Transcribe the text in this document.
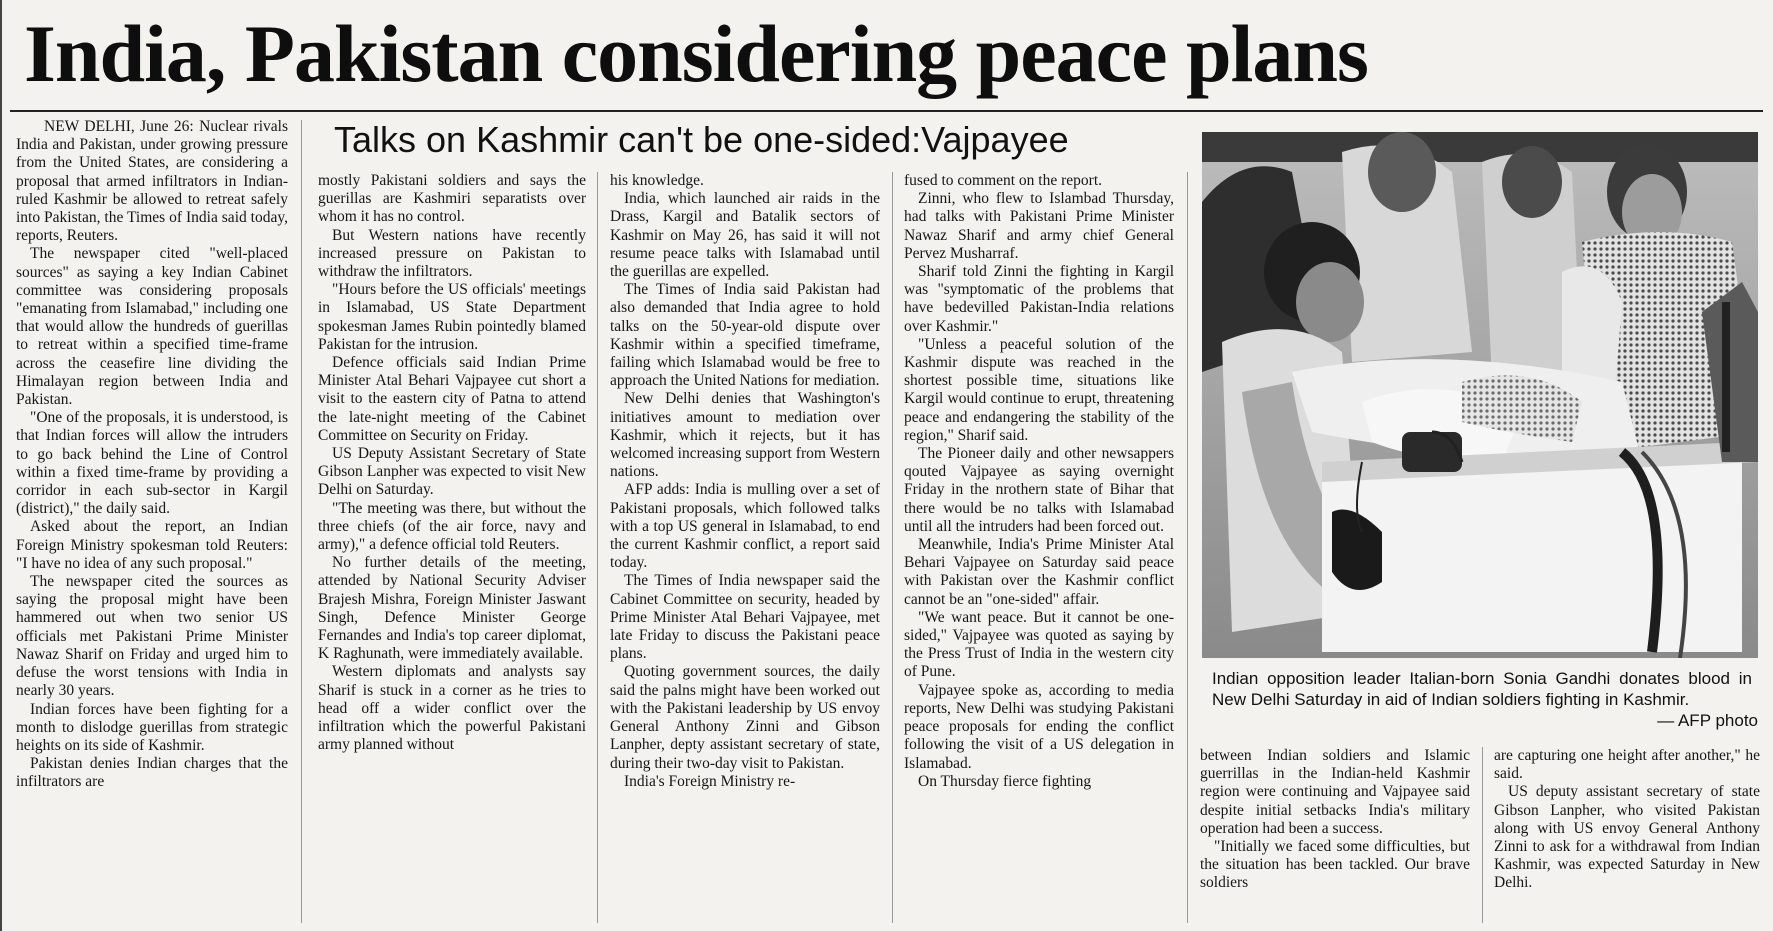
India, Pakistan considering peace plans
Talks on Kashmir can't be one-sided:Vajpayee

NEW DELHI, June 26: Nuclear rivals India and Pakistan, under growing pressure from the United States, are considering a proposal that armed infiltrators in Indian-ruled Kashmir be allowed to retreat safely into Pakistan, the Times of India said today, reports, Reuters.

The newspaper cited "well-placed sources" as saying a key Indian Cabinet committee was considering proposals "emanating from Islamabad," including one that would allow the hundreds of guerillas to retreat within a specified time-frame across the ceasefire line dividing the Himalayan region between India and Pakistan.

"One of the proposals, it is understood, is that Indian forces will allow the intruders to go back behind the Line of Control within a fixed time-frame by providing a corridor in each sub-sector in Kargil (district)," the daily said.

Asked about the report, an Indian Foreign Ministry spokesman told Reuters: "I have no idea of any such proposal."

The newspaper cited the sources as saying the proposal might have been hammered out when two senior US officials met Pakistani Prime Minister Nawaz Sharif on Friday and urged him to defuse the worst tensions with India in nearly 30 years.

Indian forces have been fighting for a month to dislodge guerillas from strategic heights on its side of Kashmir.

Pakistan denies Indian charges that the infiltrators are

mostly Pakistani soldiers and says the guerillas are Kashmiri separatists over whom it has no control.

But Western nations have recently increased pressure on Pakistan to withdraw the infiltrators.

"Hours before the US officials' meetings in Islamabad, US State Department spokesman James Rubin pointedly blamed Pakistan for the intrusion.

Defence officials said Indian Prime Minister Atal Behari Vajpayee cut short a visit to the eastern city of Patna to attend the late-night meeting of the Cabinet Committee on Security on Friday.

US Deputy Assistant Secretary of State Gibson Lanpher was expected to visit New Delhi on Saturday.

"The meeting was there, but without the three chiefs (of the air force, navy and army)," a defence official told Reuters.

No further details of the meeting, attended by National Security Adviser Brajesh Mishra, Foreign Minister Jaswant Singh, Defence Minister George Fernandes and India's top career diplomat, K Raghunath, were immediately available.

Western diplomats and analysts say Sharif is stuck in a corner as he tries to head off a wider conflict over the infiltration which the powerful Pakistani army planned without

his knowledge.

India, which launched air raids in the Drass, Kargil and Batalik sectors of Kashmir on May 26, has said it will not resume peace talks with Islamabad until the guerillas are expelled.

The Times of India said Pakistan had also demanded that India agree to hold talks on the 50-year-old dispute over Kashmir within a specified timeframe, failing which Islamabad would be free to approach the United Nations for mediation.

New Delhi denies that Washington's initiatives amount to mediation over Kashmir, which it rejects, but it has welcomed increasing support from Western nations.

AFP adds: India is mulling over a set of Pakistani proposals, which followed talks with a top US general in Islamabad, to end the current Kashmir conflict, a report said today.

The Times of India newspaper said the Cabinet Committee on security, headed by Prime Minister Atal Behari Vajpayee, met late Friday to discuss the Pakistani peace plans.

Quoting government sources, the daily said the palns might have been worked out with the Pakistani leadership by US envoy General Anthony Zinni and Gibson Lanpher, depty assistant secretary of state, during their two-day visit to Pakistan.

India's Foreign Ministry re-

fused to comment on the report.

Zinni, who flew to Islambad Thursday, had talks with Pakistani Prime Minister Nawaz Sharif and army chief General Pervez Musharraf.

Sharif told Zinni the fighting in Kargil was "symptomatic of the problems that have bedevilled Pakistan-India relations over Kashmir."

"Unless a peaceful solution of the Kashmir dispute was reached in the shortest possible time, situations like Kargil would continue to erupt, threatening peace and endangering the stability of the region," Sharif said.

The Pioneer daily and other newsappers qouted Vajpayee as saying overnight Friday in the nrothern state of Bihar that there would be no talks with Islamabad until all the intruders had been forced out.

Meanwhile, India's Prime Minister Atal Behari Vajpayee on Saturday said peace with Pakistan over the Kashmir conflict cannot be an "one-sided" affair.

"We want peace. But it cannot be one-sided," Vajpayee was quoted as saying by the Press Trust of India in the western city of Pune.

Vajpayee spoke as, according to media reports, New Delhi was studying Pakistani peace proposals for ending the conflict following the visit of a US delegation in Islamabad.

On Thursday fierce fighting

Indian opposition leader Italian-born Sonia Gandhi donates blood in New Delhi Saturday in aid of Indian soldiers fighting in Kashmir.
— AFP photo

between Indian soldiers and Islamic guerrillas in the Indian-held Kashmir region were continuing and Vajpayee said despite initial setbacks India's military operation had been a success.

"Initially we faced some difficulties, but the situation has been tackled. Our brave soldiers

are capturing one height after another," he said.

US deputy assistant secretary of state Gibson Lanpher, who visited Pakistan along with US envoy General Anthony Zinni to ask for a withdrawal from Indian Kashmir, was expected Saturday in New Delhi.
